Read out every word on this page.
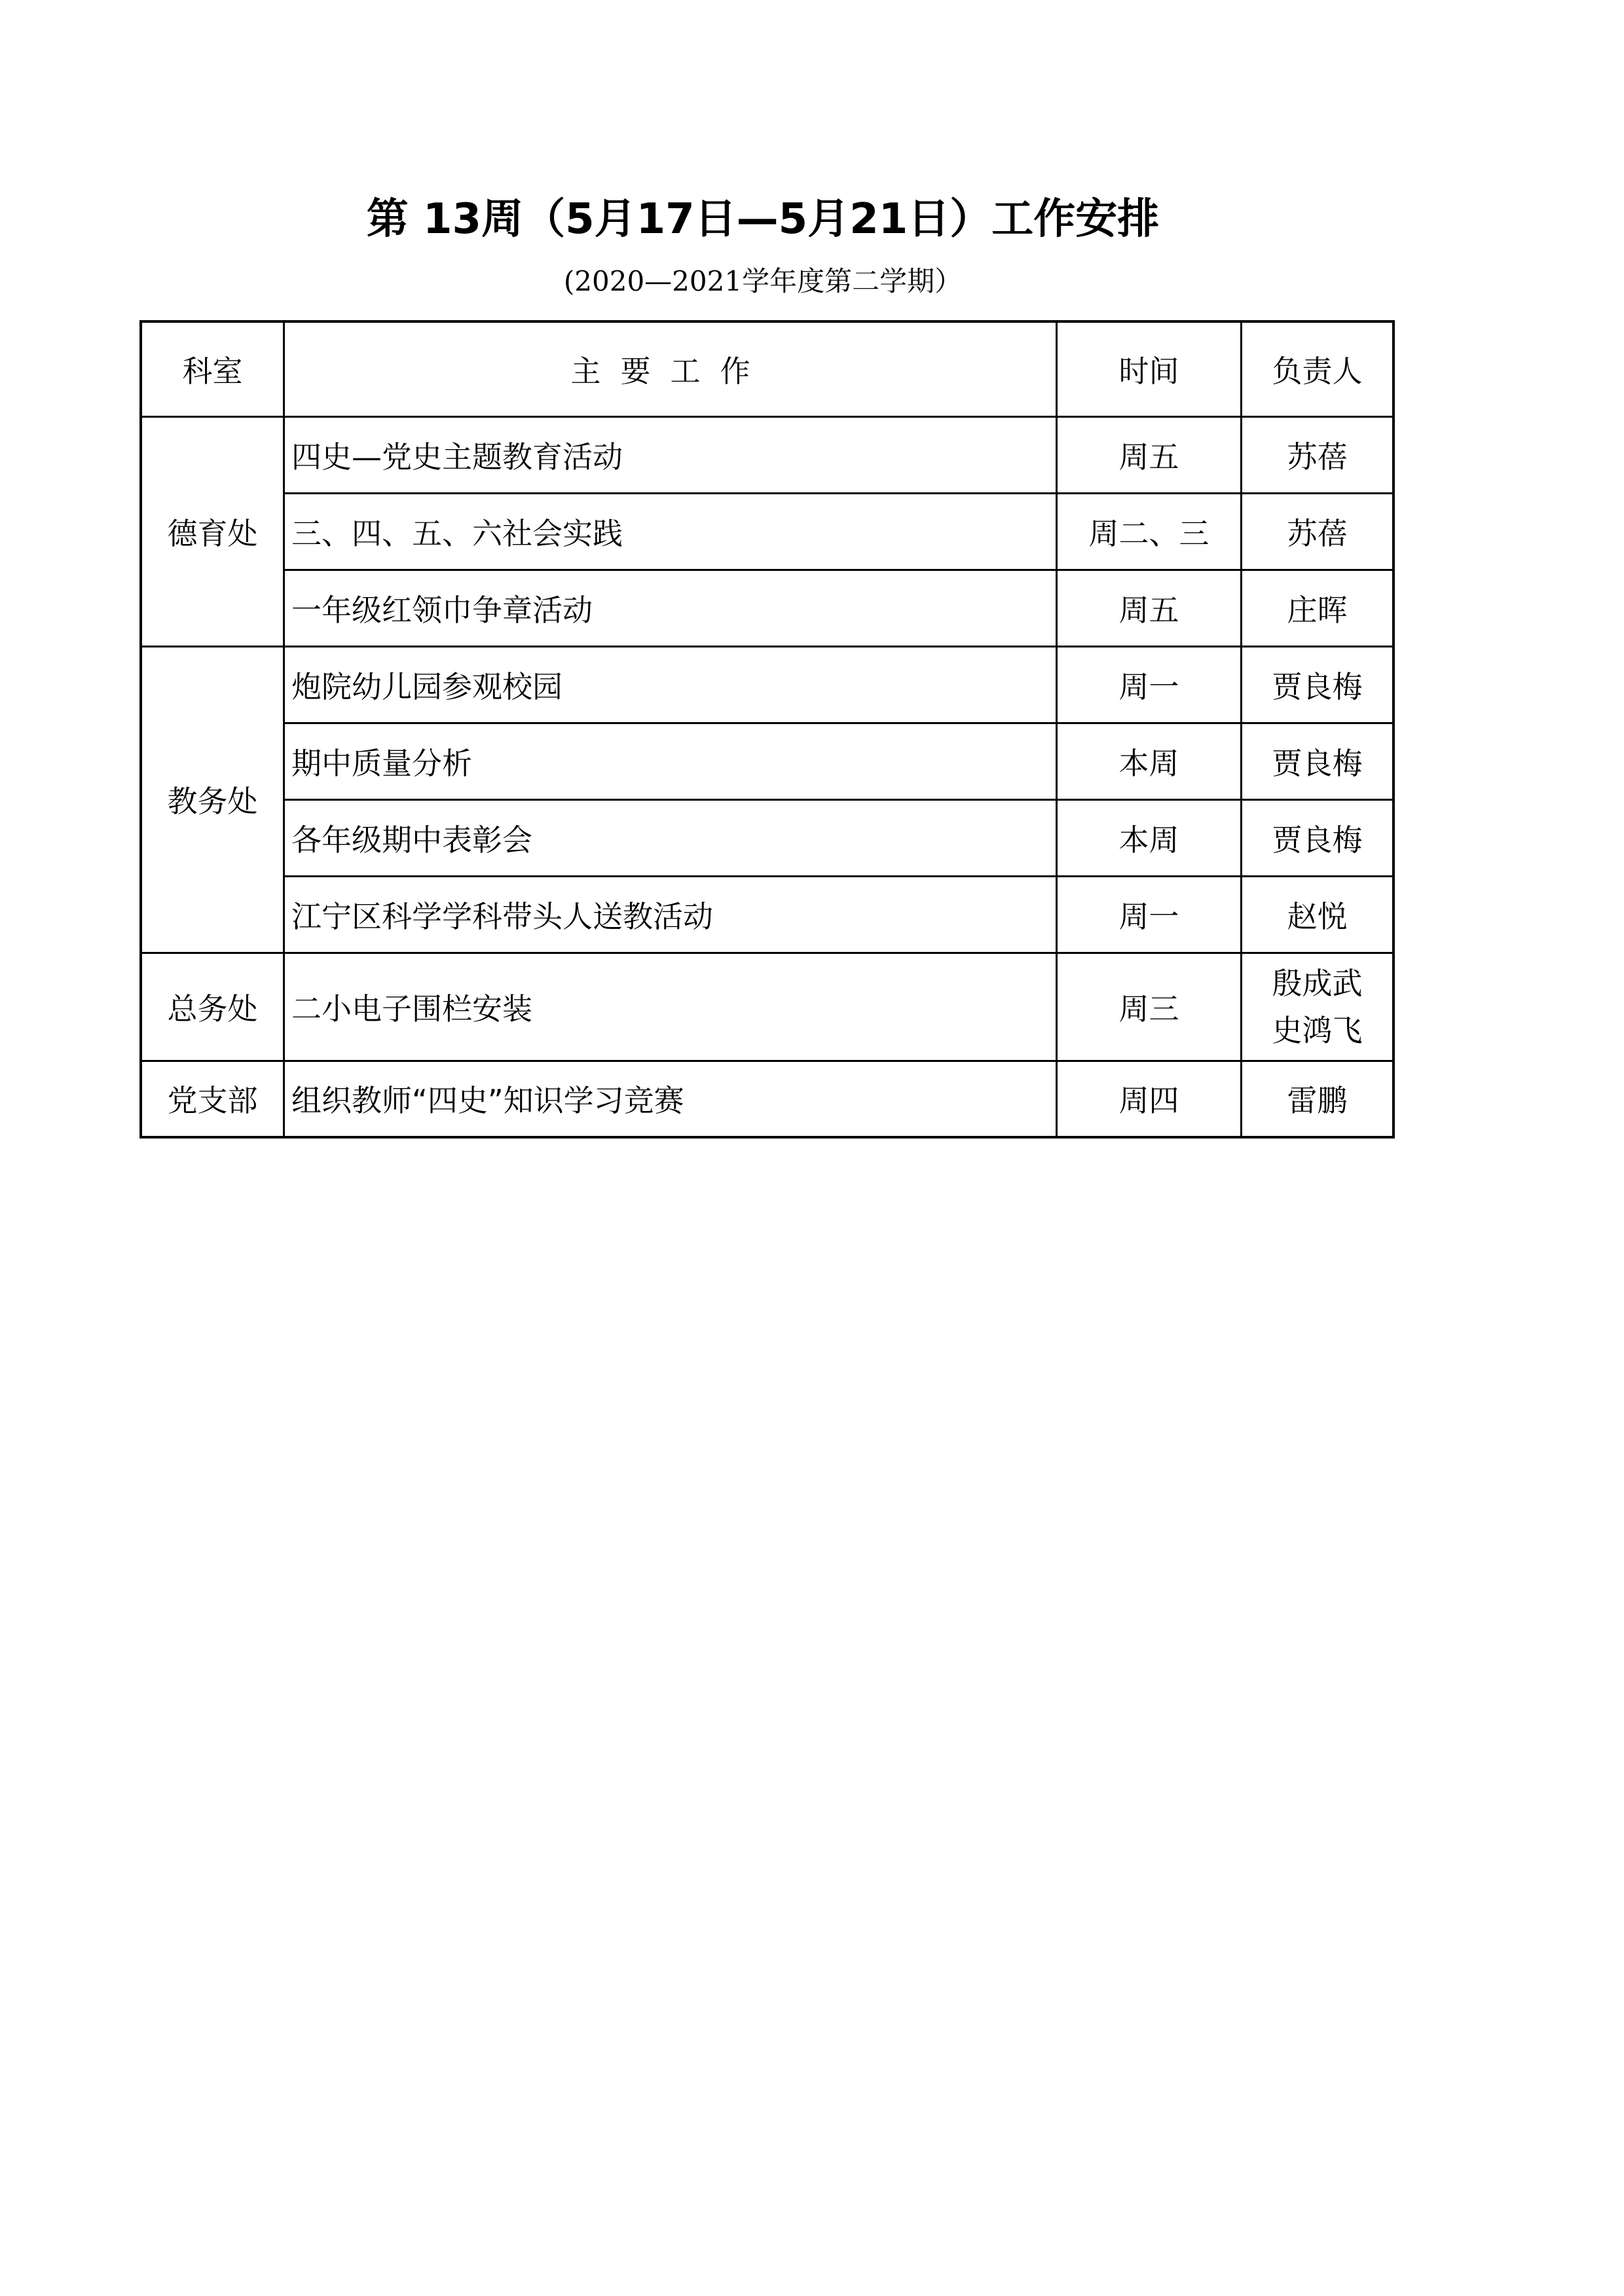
第 13周（5月17日—5月21日）工作安排
(2020—2021学年度第二学期）
科室	主要工作	时间	负责人
德育处	四史—党史主题教育活动	周五	苏蓓
	三、四、五、六社会实践	周二、三	苏蓓
	一年级红领巾争章活动	周五	庄晖
教务处	炮院幼儿园参观校园	周一	贾良梅
	期中质量分析	本周	贾良梅
	各年级期中表彰会	本周	贾良梅
	江宁区科学学科带头人送教活动	周一	赵悦
总务处	二小电子围栏安装	周三	殷成武
史鸿飞

党支部	组织教师“四史”知识学习竞赛	周四	雷鹏
